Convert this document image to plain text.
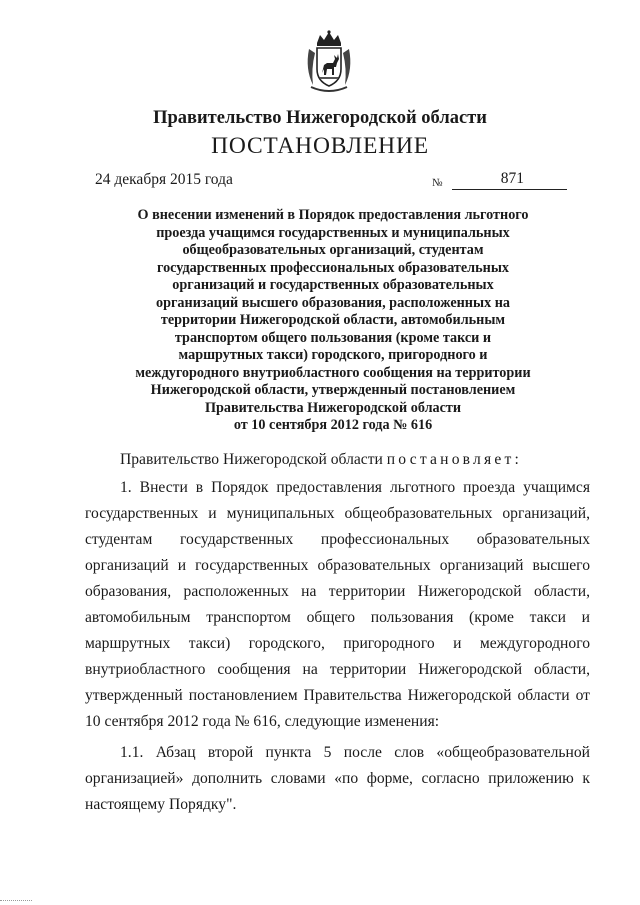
Правительство Нижегородской области
ПОСТАНОВЛЕНИЕ
24 декабря 2015 года	№	871
О внесении изменений в Порядок предоставления льготного
проезда учащимся государственных и муниципальных
общеобразовательных организаций, студентам
государственных профессиональных образовательных
организаций и государственных образовательных
организаций высшего образования, расположенных на
территории Нижегородской области, автомобильным
транспортом общего пользования (кроме такси и
маршрутных такси) городского, пригородного и
междугородного внутриобластного сообщения на территории
Нижегородской области, утвержденный постановлением
Правительства Нижегородской области
от 10 сентября 2012 года № 616

Правительство Нижегородской области постановляет:

1. Внести в Порядок предоставления льготного проезда учащимся государственных и муниципальных общеобразовательных организаций, студентам государственных профессиональных образовательных организаций и государственных образовательных организаций высшего образования, расположенных на территории Нижегородской области, автомобильным транспортом общего пользования (кроме такси и маршрутных такси) городского, пригородного и междугородного внутриобластного сообщения на территории Нижегородской области, утвержденный постановлением Правительства Нижегородской области от 10 сентября 2012 года № 616, следующие изменения:

1.1. Абзац второй пункта 5 после слов «общеобразовательной организацией» дополнить словами «по форме, согласно приложению к настоящему Порядку".
